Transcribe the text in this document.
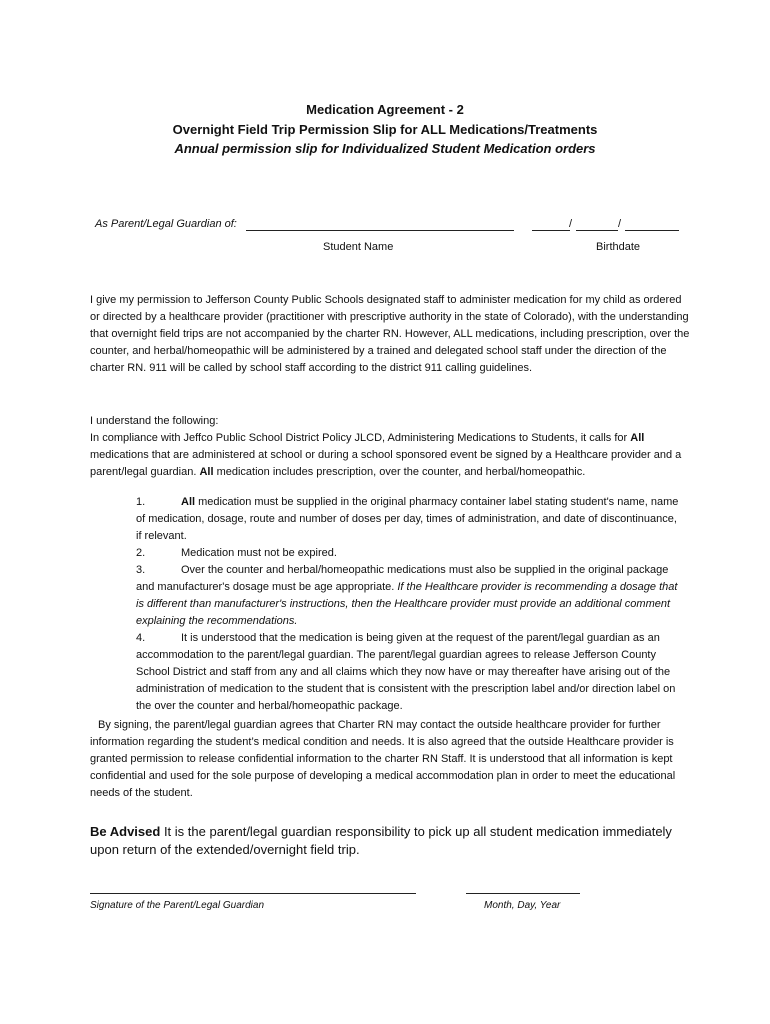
Medication Agreement - 2
Overnight Field Trip Permission Slip for ALL Medications/Treatments
Annual permission slip for Individualized Student Medication orders
As Parent/Legal Guardian of:	/	/
Student Name	Birthdate
I give my permission to Jefferson County Public Schools designated staff to administer medication for my child as ordered or directed by a healthcare provider (practitioner with prescriptive authority in the state of Colorado), with the understanding that overnight field trips are not accompanied by the charter RN. However, ALL medications, including prescription, over the counter, and herbal/homeopathic will be administered by a trained and delegated school staff under the direction of the charter RN. 911 will be called by school staff according to the district 911 calling guidelines.
I understand the following:
In compliance with Jeffco Public School District Policy JLCD, Administering Medications to Students, it calls for All medications that are administered at school or during a school sponsored event be signed by a Healthcare provider and a parent/legal guardian. All medication includes prescription, over the counter, and herbal/homeopathic.
1.	All medication must be supplied in the original pharmacy container label stating student's name, name of medication, dosage, route and number of doses per day, times of administration, and date of discontinuance, if relevant.
2.	Medication must not be expired.
3.	Over the counter and herbal/homeopathic medications must also be supplied in the original package and manufacturer's dosage must be age appropriate. If the Healthcare provider is recommending a dosage that is different than manufacturer's instructions, then the Healthcare provider must provide an additional comment explaining the recommendations.
4.	It is understood that the medication is being given at the request of the parent/legal guardian as an accommodation to the parent/legal guardian. The parent/legal guardian agrees to release Jefferson County School District and staff from any and all claims which they now have or may thereafter have arising out of the administration of medication to the student that is consistent with the prescription label and/or direction label on the over the counter and herbal/homeopathic package.
By signing, the parent/legal guardian agrees that Charter RN may contact the outside healthcare provider for further information regarding the student’s medical condition and needs. It is also agreed that the outside Healthcare provider is granted permission to release confidential information to the charter RN Staff. It is understood that all information is kept confidential and used for the sole purpose of developing a medical accommodation plan in order to meet the educational needs of the student.
Be Advised It is the parent/legal guardian responsibility to pick up all student medication immediately upon return of the extended/overnight field trip.
Signature of the Parent/Legal Guardian	Month, Day, Year
